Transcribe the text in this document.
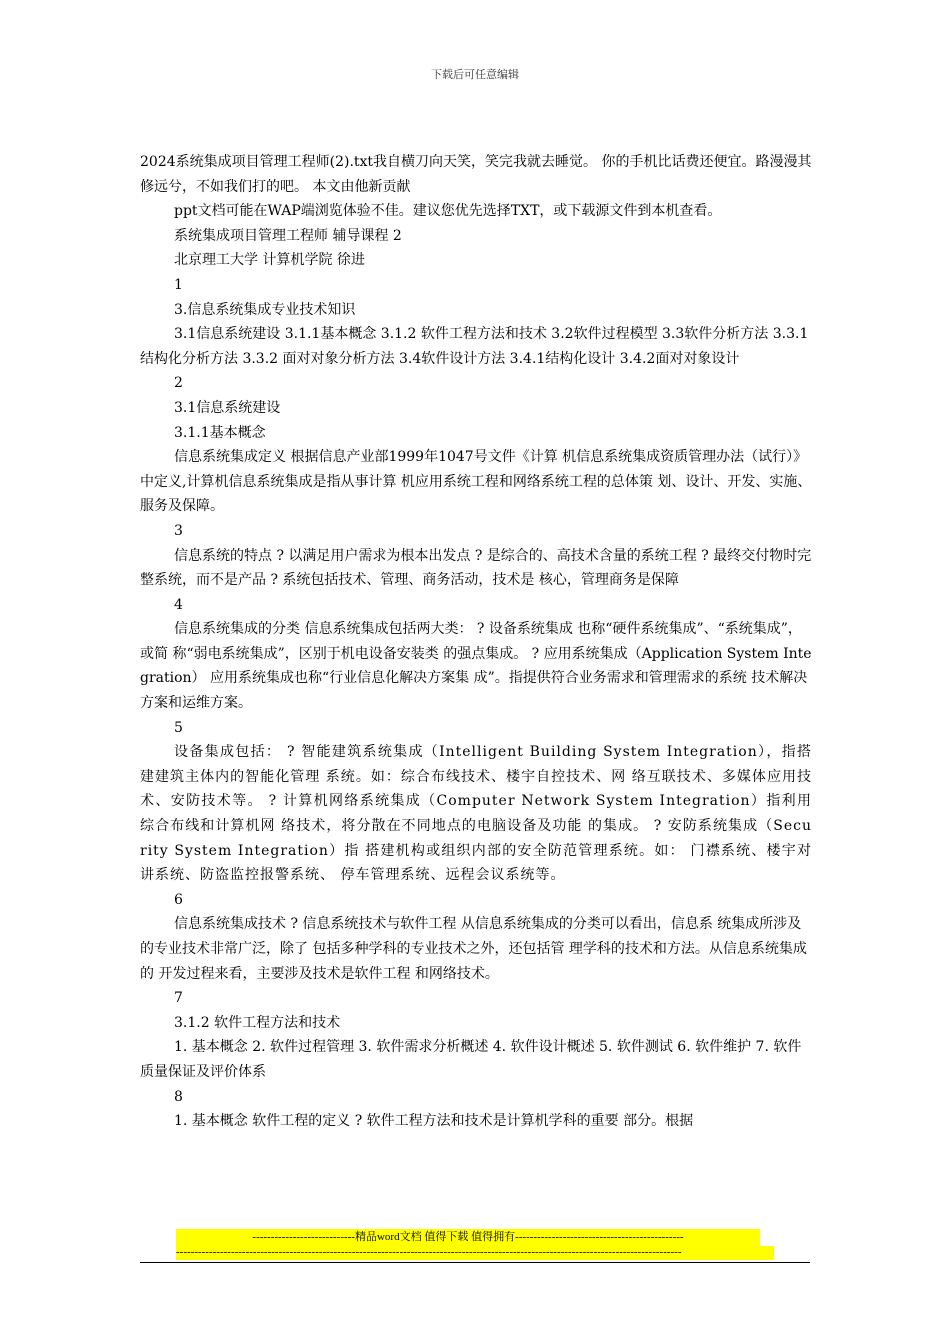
下载后可任意编辑

2024系统集成项目管理工程师(2).txt我自横刀向天笑，笑完我就去睡觉。 你的手机比话费还便宜。路漫漫其修远兮，不如我们打的吧。 本文由他新贡献

ppt文档可能在WAP端浏览体验不佳。建议您优先选择TXT，或下载源文件到本机查看。

系统集成项目管理工程师 辅导课程 2

北京理工大学 计算机学院 徐进

1

3.信息系统集成专业技术知识

3.1信息系统建设 3.1.1基本概念 3.1.2 软件工程方法和技术 3.2软件过程模型 3.3软件分析方法 3.3.1结构化分析方法 3.3.2 面对对象分析方法 3.4软件设计方法 3.4.1结构化设计 3.4.2面对对象设计

2

3.1信息系统建设

3.1.1基本概念

信息系统集成定义 根据信息产业部1999年1047号文件《计算 机信息系统集成资质管理办法（试行）》 中定义,计算机信息系统集成是指从事计算 机应用系统工程和网络系统工程的总体策 划、设计、开发、实施、服务及保障。

3

信息系统的特点 ? 以满足用户需求为根本出发点 ? 是综合的、高技术含量的系统工程 ? 最终交付物时完整系统，而不是产品 ? 系统包括技术、管理、商务活动，技术是 核心，管理商务是保障

4

信息系统集成的分类 信息系统集成包括两大类： ? 设备系统集成 也称“硬件系统集成”、“系统集成”，或简 称“弱电系统集成”，区别于机电设备安装类 的强点集成。 ? 应用系统集成（Application System Integration） 应用系统集成也称“行业信息化解决方案集 成”。指提供符合业务需求和管理需求的系统 技术解决方案和运维方案。

5

设备集成包括： ? 智能建筑系统集成（Intelligent Building System Integration），指搭建建筑主体内的智能化管理 系统。如：综合布线技术、楼宇自控技术、网 络互联技术、多媒体应用技术、安防技术等。 ? 计算机网络系统集成（Computer Network System Integration）指利用综合布线和计算机网 络技术，将分散在不同地点的电脑设备及功能 的集成。 ? 安防系统集成（Security System Integration）指 搭建机构或组织内部的安全防范管理系统。如： 门襟系统、楼宇对讲系统、防盗监控报警系统、 停车管理系统、远程会议系统等。

6

信息系统集成技术 ? 信息系统技术与软件工程 从信息系统集成的分类可以看出，信息系 统集成所涉及的专业技术非常广泛，除了 包括多种学科的专业技术之外，还包括管 理学科的技术和方法。从信息系统集成的 开发过程来看，主要涉及技术是软件工程 和网络技术。

7

3.1.2 软件工程方法和技术

1. 基本概念 2. 软件过程管理 3. 软件需求分析概述 4. 软件设计概述 5. 软件测试 6. 软件维护 7. 软件质量保证及评价体系

8

1. 基本概念 软件工程的定义 ? 软件工程方法和技术是计算机学科的重要 部分。根据

----------------------------精品word文档 值得下载 值得拥有----------------------------------------------
------------------------------------------------------------------------------------------------------------------------------------------
